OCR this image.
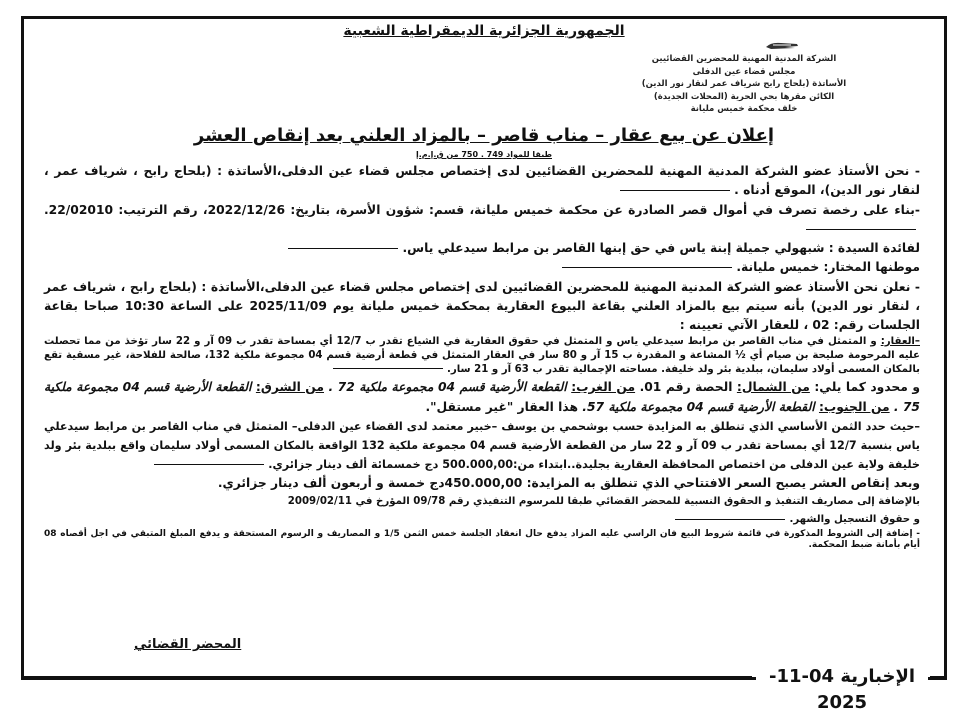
الجمهورية الجزائرية الديمقراطية الشعبية
الشركة المدنية المهنية للمحضرين القضائيين
مجلس قضاء عين الدفلى
الأساتذة (بلحاج رابح شرياف عمر لنقار نور الدين)
الكائن مقرها بحي الحرية (المحلات الجديدة)
خلف محكمة خميس مليانة
إعلان عن بيع عقار – مناب قاصر – بالمزاد العلني بعد إنقاص العشر
طبقا للمواد 749 . 750 من ق.إ.م.إ

- نحن الأستاذ عضو الشركة المدنية المهنية للمحضرين القضائيين لدى إختصاص مجلس قضاء عين الدفلى،الأساتذة : (بلحاج رابح ، شرياف عمر ، لنقار نور الدين)، الموقع أدناه .

-بناء على رخصة تصرف في أموال قصر الصادرة عن محكمة خميس مليانة، قسم: شؤون الأسرة، بتاريخ: 2022/12/26، رقم الترتيب: 22/02010.

لفائدة السيدة : شبهولي جميلة إبنة ياس في حق إبنها القاصر بن مرابط سيدعلي ياس.

موطنها المختار: خميس مليانة.

- نعلن نحن الأستاذ عضو الشركة المدنية المهنية للمحضرين القضائيين لدى إختصاص مجلس قضاء عين الدفلى،الأساتذة : (بلحاج رابح ، شرياف عمر ، لنقار نور الدين) بأنه سيتم بيع بالمزاد العلني بقاعة البيوع العقارية بمحكمة خميس مليانة يوم 2025/11/09 على الساعة 10:30 صباحا بقاعة الجلسات رقم: 02 ، للعقار الآتي تعيينه :

–العقار: و المتمثل في مناب القاصر بن مرابط سيدعلي ياس و المتمثل في حقوق العقارية في الشياع تقدر ب 12/7 أي بمساحة تقدر ب 09 آر و 22 سار تؤخذ من مما تحصلت عليه المرحومة صليحة بن صيام أي ½ المشاعة و المقدرة ب 15 آر و 80 سار في العقار المتمثل في قطعة أرضية قسم 04 مجموعة ملكية 132، صالحة للفلاحة، غير مسقية تقع بالمكان المسمى أولاد سليمان، ببلدية بئر ولد خليفة. مساحته الإجمالية تقدر ب 63 آر و 21 سار.

و محدود كما يلي: من الشمال: الحصة رقم 01. من الغرب: القطعة الأرضية قسم 04 مجموعة ملكية 72 . من الشرق: القطعة الأرضية قسم 04 مجموعة ملكية 75 . من الجنوب: القطعة الأرضية قسم 04 مجموعة ملكية 57. هذا العقار "غير مستقل".

–حيث حدد الثمن الأساسي الذي تنطلق به المزايدة حسب بوشحمي بن يوسف –خبير معتمد لدى القضاء عين الدفلى– المتمثل في مناب القاصر بن مرابط سيدعلي ياس بنسبة 12/7 أي بمساحة تقدر ب 09 آر و 22 سار من القطعة الأرضية قسم 04 مجموعة ملكية 132 الواقعة بالمكان المسمى أولاد سليمان واقع ببلدية بئر ولد خليفة ولاية عين الدفلى من اختصاص المحافظة العقارية بجليدة..ابتداء من:500.000,00 دج خمسمائة ألف دينار جزائري.

وبعد إنقاص العشر يصبح السعر الافتتاحي الذي تنطلق به المزايدة: 450.000,00دج خمسة و أربعون ألف دينار جزائري.

بالإضافة إلى مصاريف التنفيذ و الحقوق النسبية للمحضر القضائي طبقا للمرسوم التنفيذي رقم 09/78 المؤرخ في 2009/02/11

و حقوق التسجيل والشهر.

- إضافة إلى الشروط المذكورة في قائمة شروط البيع فان الراسي عليه المزاد يدفع حال انعقاد الجلسة خمس الثمن 1/5 و المصاريف و الرسوم المستحقة و يدفع المبلغ المتبقي في اجل أقصاه 08 أيام بأمانة ضبط المحكمة.

المحضر القضائي
الإخبارية 04-11-2025
